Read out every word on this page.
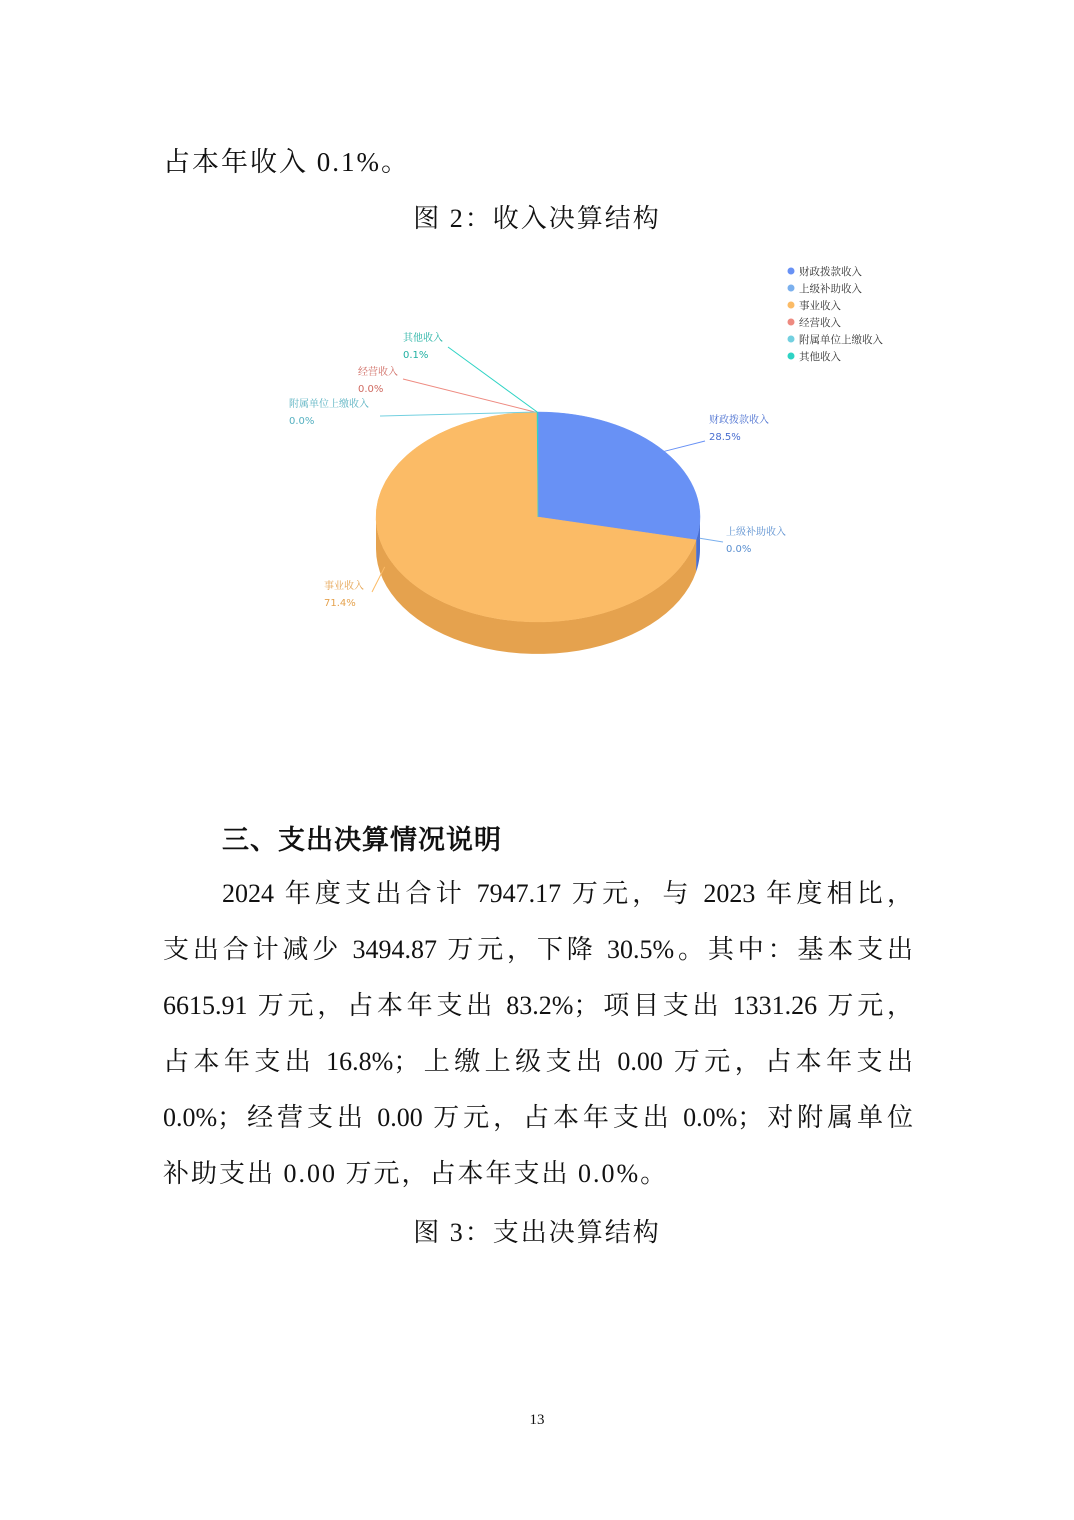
占本年收入 0.1%。
图 2：收入决算结构
财政拨款收入
28.5%
上级补助收入
0.0%
事业收入
71.4%
经营收入
0.0%
附属单位上缴收入
0.0%
其他收入
0.1%
财政拨款收入
上级补助收入
事业收入
经营收入
附属单位上缴收入
其他收入
三、支出决算情况说明
2024 年度支出合计 7947.17 万元，与 2023 年度相比，
支出合计减少 3494.87 万元，下降 30.5%。其中：基本支出
6615.91 万元，占本年支出 83.2%；项目支出 1331.26 万元，
占本年支出 16.8%；上缴上级支出 0.00 万元，占本年支出
0.0%；经营支出 0.00 万元，占本年支出 0.0%；对附属单位
补助支出 0.00 万元，占本年支出 0.0%。
图 3：支出决算结构
13
